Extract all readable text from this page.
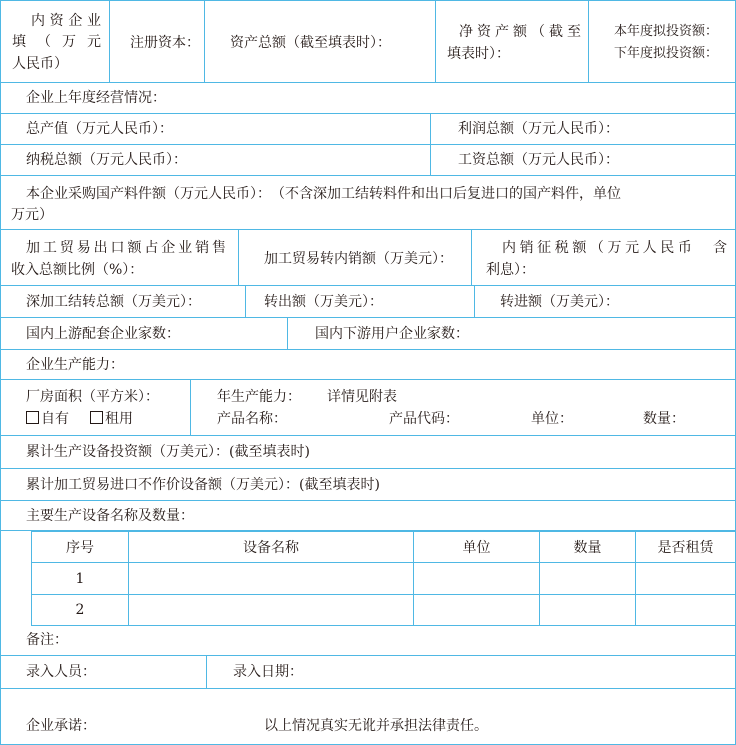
内资企业
填（万元
人民币）
注册资本： 资产总额（截至填表时）：
净资产额（截至
填表时）：
本年度拟投资额：
下年度拟投资额：
企业上年度经营情况：
总产值（万元人民币）：	利润总额（万元人民币）：
纳税总额（万元人民币）：	工资总额（万元人民币）：
本企业采购国产料件额（万元人民币）：　（不含深加工结转料件和出口后复进口的国产料件，单位
万元）
加工贸易出口额占企业销售
收入总额比例（%）：
加工贸易转内销额（万美元）：
内销征税额（万元人民币　含
利息）：
深加工结转总额（万美元）：	转出额（万美元）：	转进额（万美元）：
国内上游配套企业家数：	国内下游用户企业家数：
企业生产能力：
厂房面积（平方米）：
自有	租用
年生产能力： 详情见附表
产品名称：	产品代码：	单位：	数量：
累计生产设备投资额（万美元）：(截至填表时)
累计加工贸易进口不作价设备额（万美元）：(截至填表时)
主要生产设备名称及数量：
序号	设备名称	单位	数量	是否租赁
1				
2				
备注：
录入人员：	录入日期：
企业承诺：	以上情况真实无讹并承担法律责任。
